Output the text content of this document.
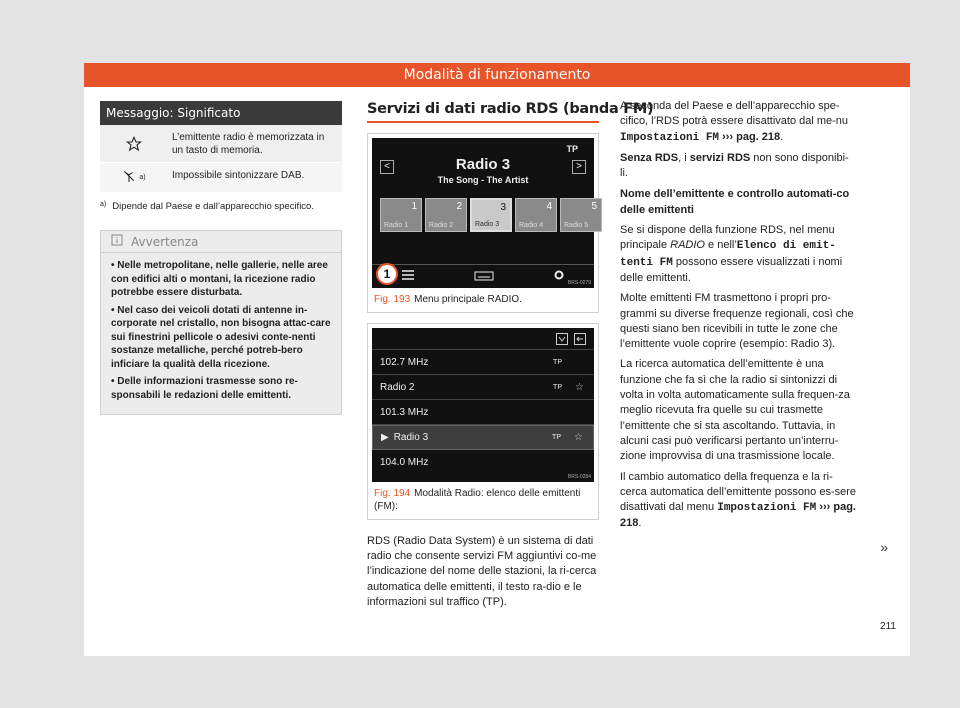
Modalità di funzionamento
Messaggio: Significato
L’emittente radio è memorizzata in un tasto di memoria.
a)	Impossibile sintonizzare DAB.
a) Dipende dal Paese e dall’apparecchio specifico.
Avvertenza
• Nelle metropolitane, nelle gallerie, nelle aree con edifici alti o montani, la ricezione radio potrebbe essere disturbata.
• Nel caso dei veicoli dotati di antenne in-corporate nel cristallo, non bisogna attac-care sui finestrini pellicole o adesivi conte-nenti sostanze metalliche, perché potreb-bero inficiare la qualità della ricezione.
• Delle informazioni trasmesse sono re-sponsabili le redazioni delle emittenti.
Servizi di dati radio RDS (banda FM)
TP
<	>
Radio 3
The Song - The Artist
1
Radio 1
2
Radio 2
3
Radio 3
4
Radio 4
5
Radio 5
1
BRS-0279
Fig. 193 Menu principale RADIO.
102.7 MHz	TP
Radio 2	TP ☆
101.3 MHz
▶ Radio 3	TP ☆
104.0 MHz
BRS-0284
Fig. 194 Modalità Radio: elenco delle emittenti (FM):
RDS (Radio Data System) è un sistema di dati radio che consente servizi FM aggiuntivi co-me l’indicazione del nome delle stazioni, la ri-cerca automatica delle emittenti, il testo ra-dio e le informazioni sul traffico (TP).

A seconda del Paese e dell’apparecchio spe-cifico, l’RDS potrà essere disattivato dal me-nu Impostazioni FM ››› pag. 218.

Senza RDS, i servizi RDS non sono disponibi-li.

Nome dell’emittente e controllo automati-co delle emittenti

Se si dispone della funzione RDS, nel menu principale RADIO e nell’Elenco di emit-tenti FM possono essere visualizzati i nomi delle emittenti.

Molte emittenti FM trasmettono i propri pro-grammi su diverse frequenze regionali, così che questi siano ben ricevibili in tutte le zone che l’emittente vuole coprire (esempio: Radio 3).

La ricerca automatica dell’emittente è una funzione che fa sì che la radio si sintonizzi di volta in volta automaticamente sulla frequen-za meglio ricevuta fra quelle su cui trasmette l’emittente che si sta ascoltando. Tuttavia, in alcuni casi può verificarsi pertanto un’interru-zione improvvisa di una trasmissione locale.

Il cambio automatico della frequenza e la ri-cerca automatica dell’emittente possono es-sere disattivati dal menu Impostazioni FM ››› pag. 218.

»
211
